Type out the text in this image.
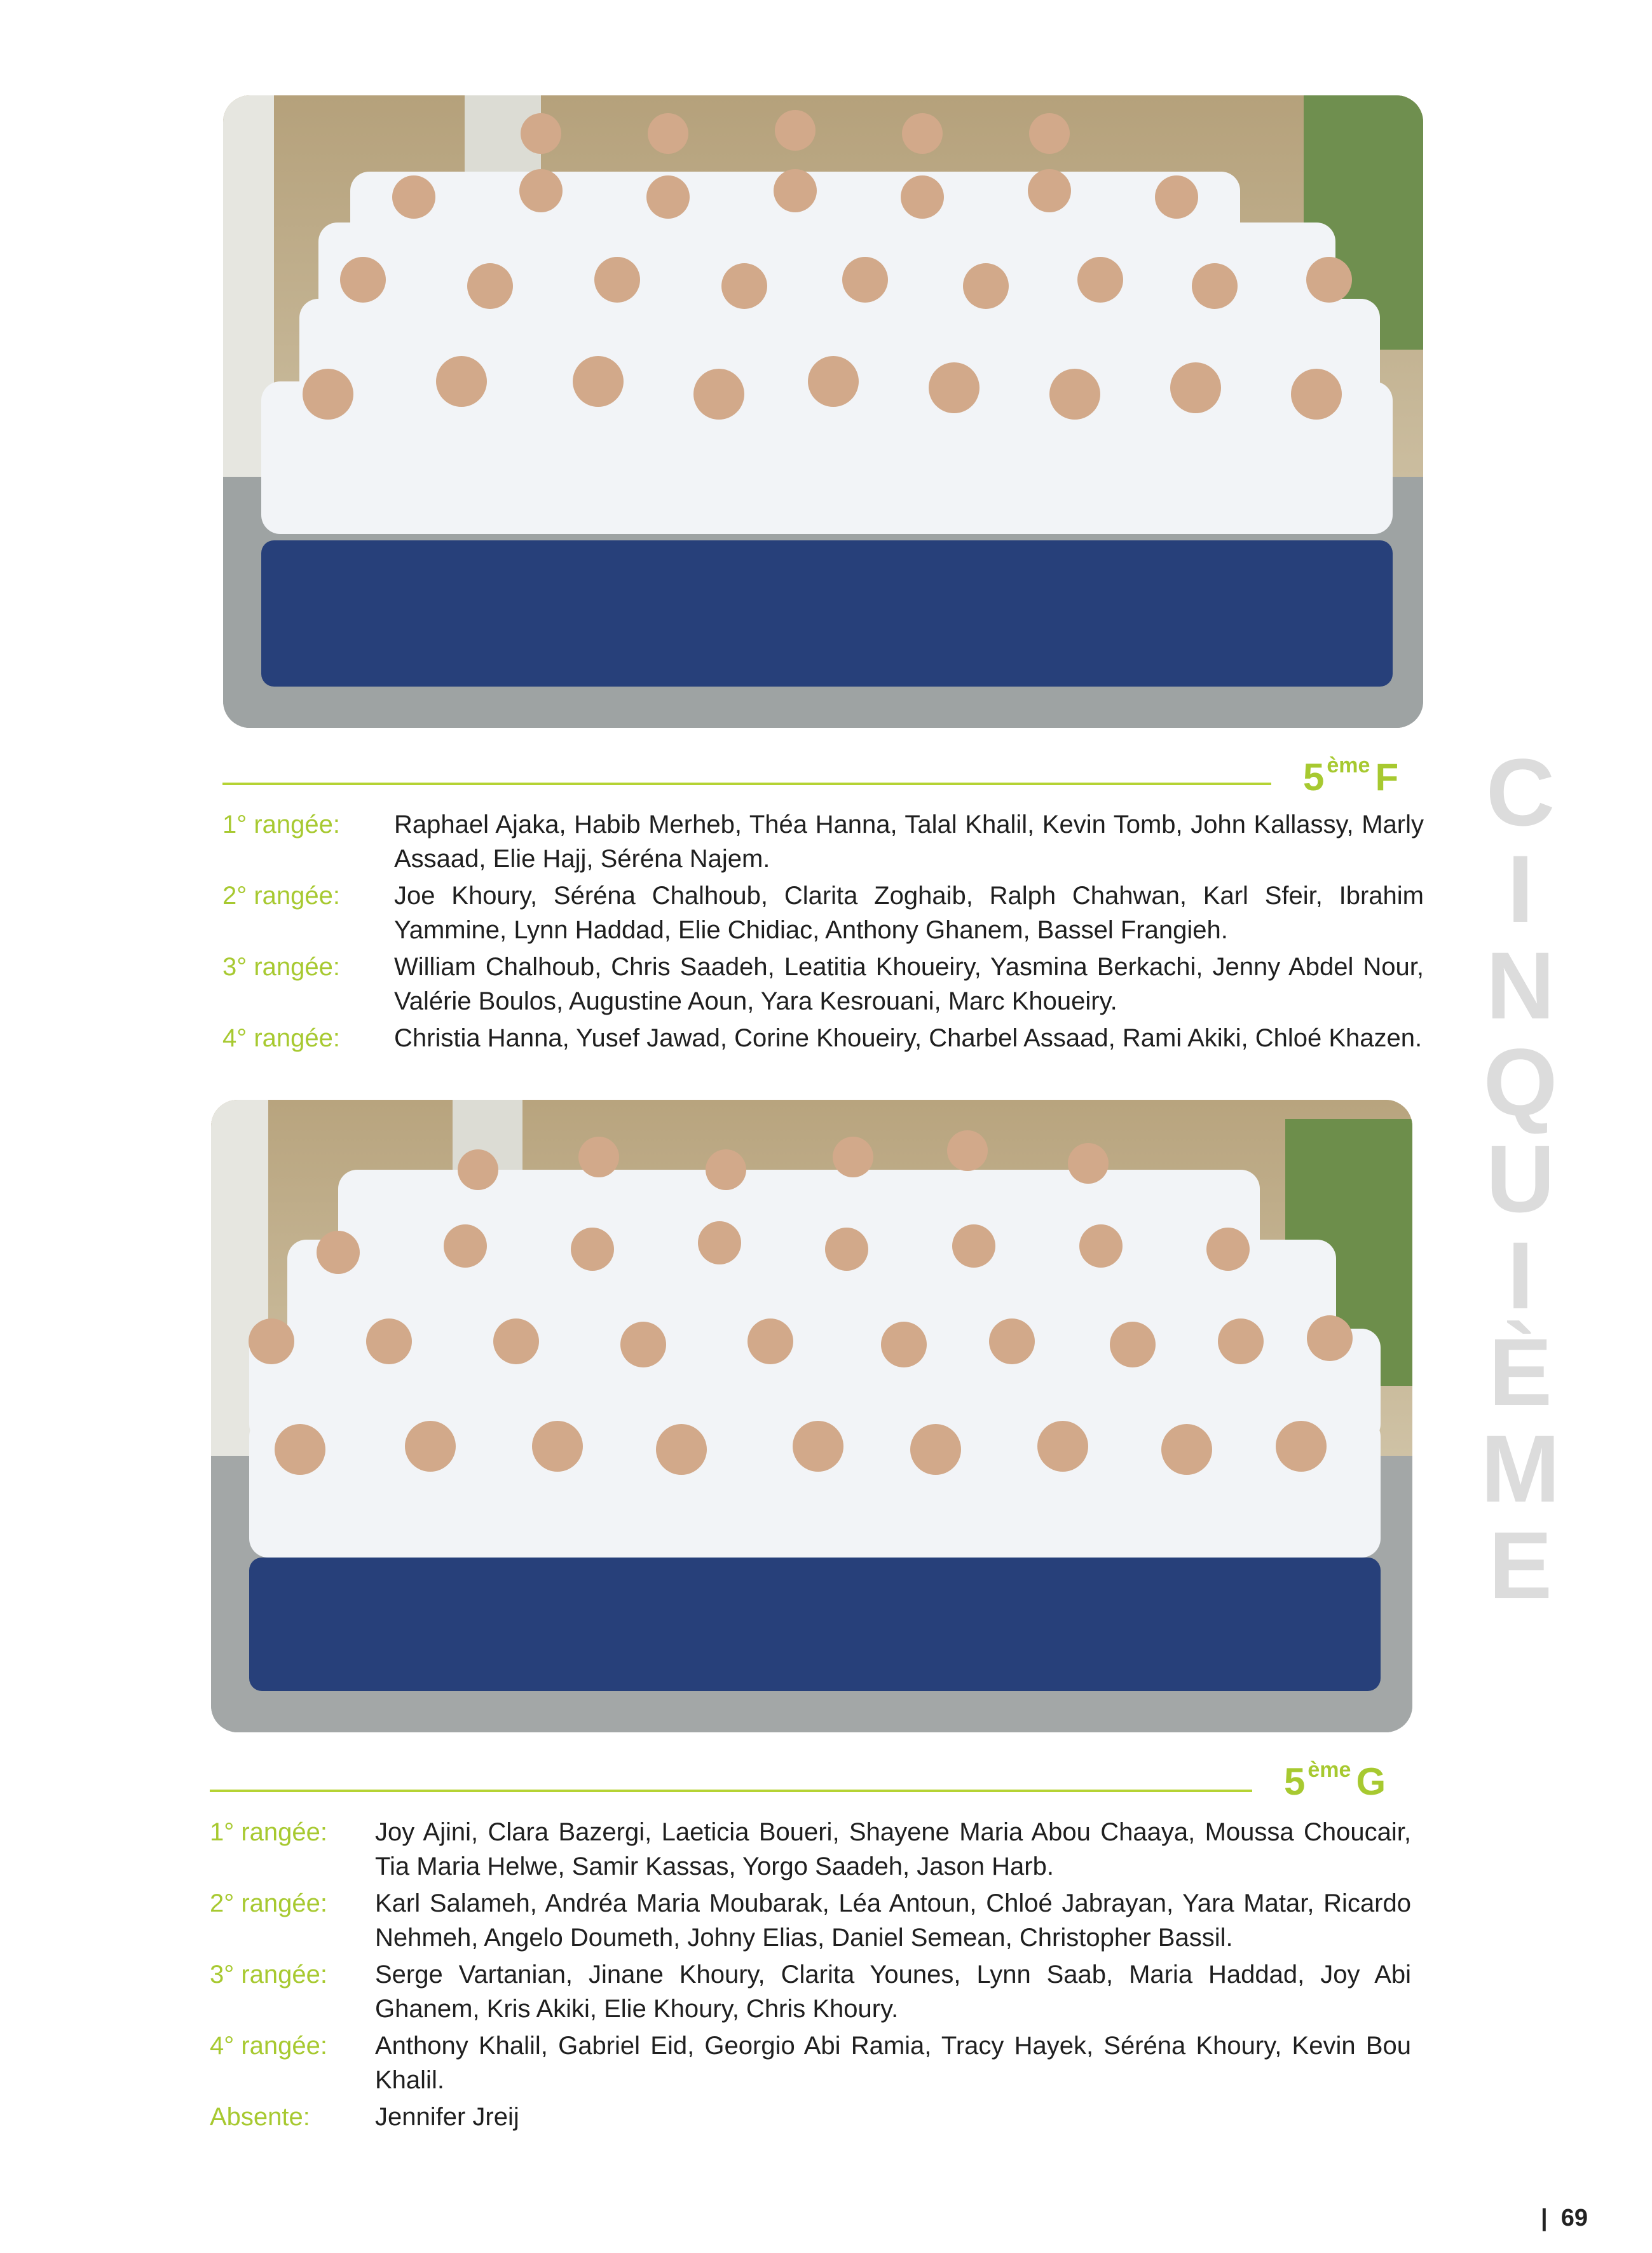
5 $^{ème}$ F
1° rangée:	Raphael Ajaka, Habib Merheb, Théa Hanna, Talal Khalil, Kevin Tomb, John Kallassy, Marly Assaad, Elie Hajj, Séréna Najem.
2° rangée:	Joe Khoury, Séréna Chalhoub, Clarita Zoghaib, Ralph Chahwan, Karl Sfeir, Ibrahim Yammine, Lynn Haddad, Elie Chidiac, Anthony Ghanem, Bassel Frangieh.
3° rangée:	William Chalhoub, Chris Saadeh, Leatitia Khoueiry, Yasmina Berkachi, Jenny Abdel Nour, Valérie Boulos, Augustine Aoun, Yara Kesrouani, Marc Khoueiry.
4° rangée:	Christia Hanna, Yusef Jawad, Corine Khoueiry, Charbel Assaad, Rami Akiki, Chloé Khazen.
5 $^{ème}$ G
1° rangée:	Joy Ajini, Clara Bazergi, Laeticia Boueri, Shayene Maria Abou Chaaya, Moussa Choucair, Tia Maria Helwe, Samir Kassas, Yorgo Saadeh, Jason Harb.
2° rangée:	Karl Salameh, Andréa Maria Moubarak, Léa Antoun, Chloé Jabrayan, Yara Matar, Ricardo Nehmeh, Angelo Doumeth, Johny Elias, Daniel Semean, Christopher Bassil.
3° rangée:	Serge Vartanian, Jinane Khoury, Clarita Younes, Lynn Saab, Maria Haddad, Joy Abi Ghanem, Kris Akiki, Elie Khoury, Chris Khoury.
4° rangée:	Anthony Khalil, Gabriel Eid, Georgio Abi Ramia, Tracy Hayek, Séréna Khoury, Kevin Bou Khalil.
Absente:	Jennifer Jreij
C
I
N
Q
U
I
È
M
E
| 69
